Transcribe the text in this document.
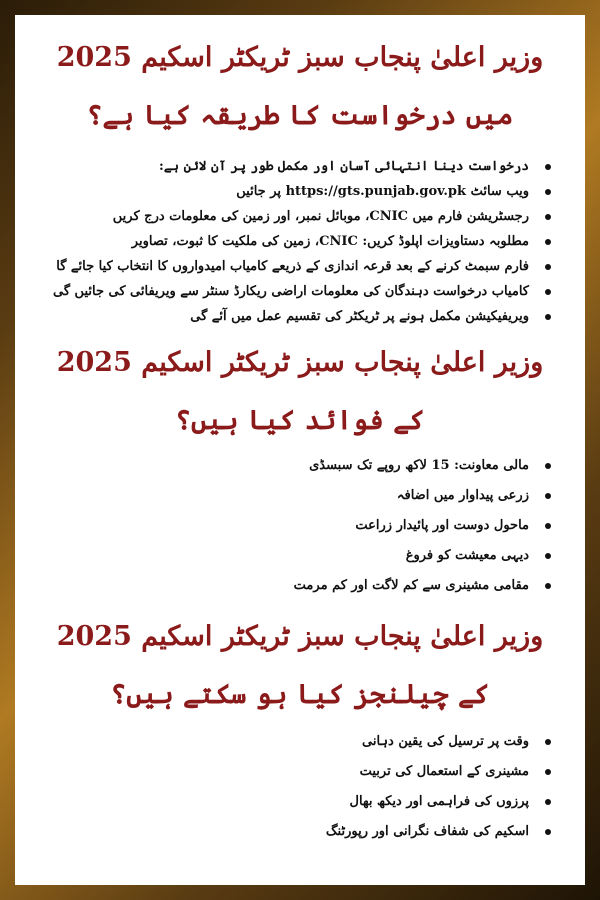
وزیر اعلیٰ پنجاب سبز ٹریکٹر اسکیم 2025 میں درخواست کا طریقہ کیا ہے؟
درخواست دینا انتہائی آسان اور مکمل طور پر آن لائن ہے:
ویب سائٹ https://gts.punjab.gov.pk پر جائیں
رجسٹریشن فارم میں CNIC، موبائل نمبر، اور زمین کی معلومات درج کریں
مطلوبہ دستاویزات اپلوڈ کریں: CNIC، زمین کی ملکیت کا ثبوت، تصاویر
فارم سبمٹ کرنے کے بعد قرعہ اندازی کے ذریعے کامیاب امیدواروں کا انتخاب کیا جائے گا
کامیاب درخواست دہندگان کی معلومات اراضی ریکارڈ سنٹر سے ویریفائی کی جائیں گی
ویریفیکیشن مکمل ہونے پر ٹریکٹر کی تقسیم عمل میں آئے گی
وزیر اعلیٰ پنجاب سبز ٹریکٹر اسکیم 2025 کے فوائد کیا ہیں؟
مالی معاونت: 15 لاکھ روپے تک سبسڈی
زرعی پیداوار میں اضافہ
ماحول دوست اور پائیدار زراعت
دیہی معیشت کو فروغ
مقامی مشینری سے کم لاگت اور کم مرمت
وزیر اعلیٰ پنجاب سبز ٹریکٹر اسکیم 2025 کے چیلنجز کیا ہو سکتے ہیں؟
وقت پر ترسیل کی یقین دہانی
مشینری کے استعمال کی تربیت
پرزوں کی فراہمی اور دیکھ بھال
اسکیم کی شفاف نگرانی اور رپورٹنگ
